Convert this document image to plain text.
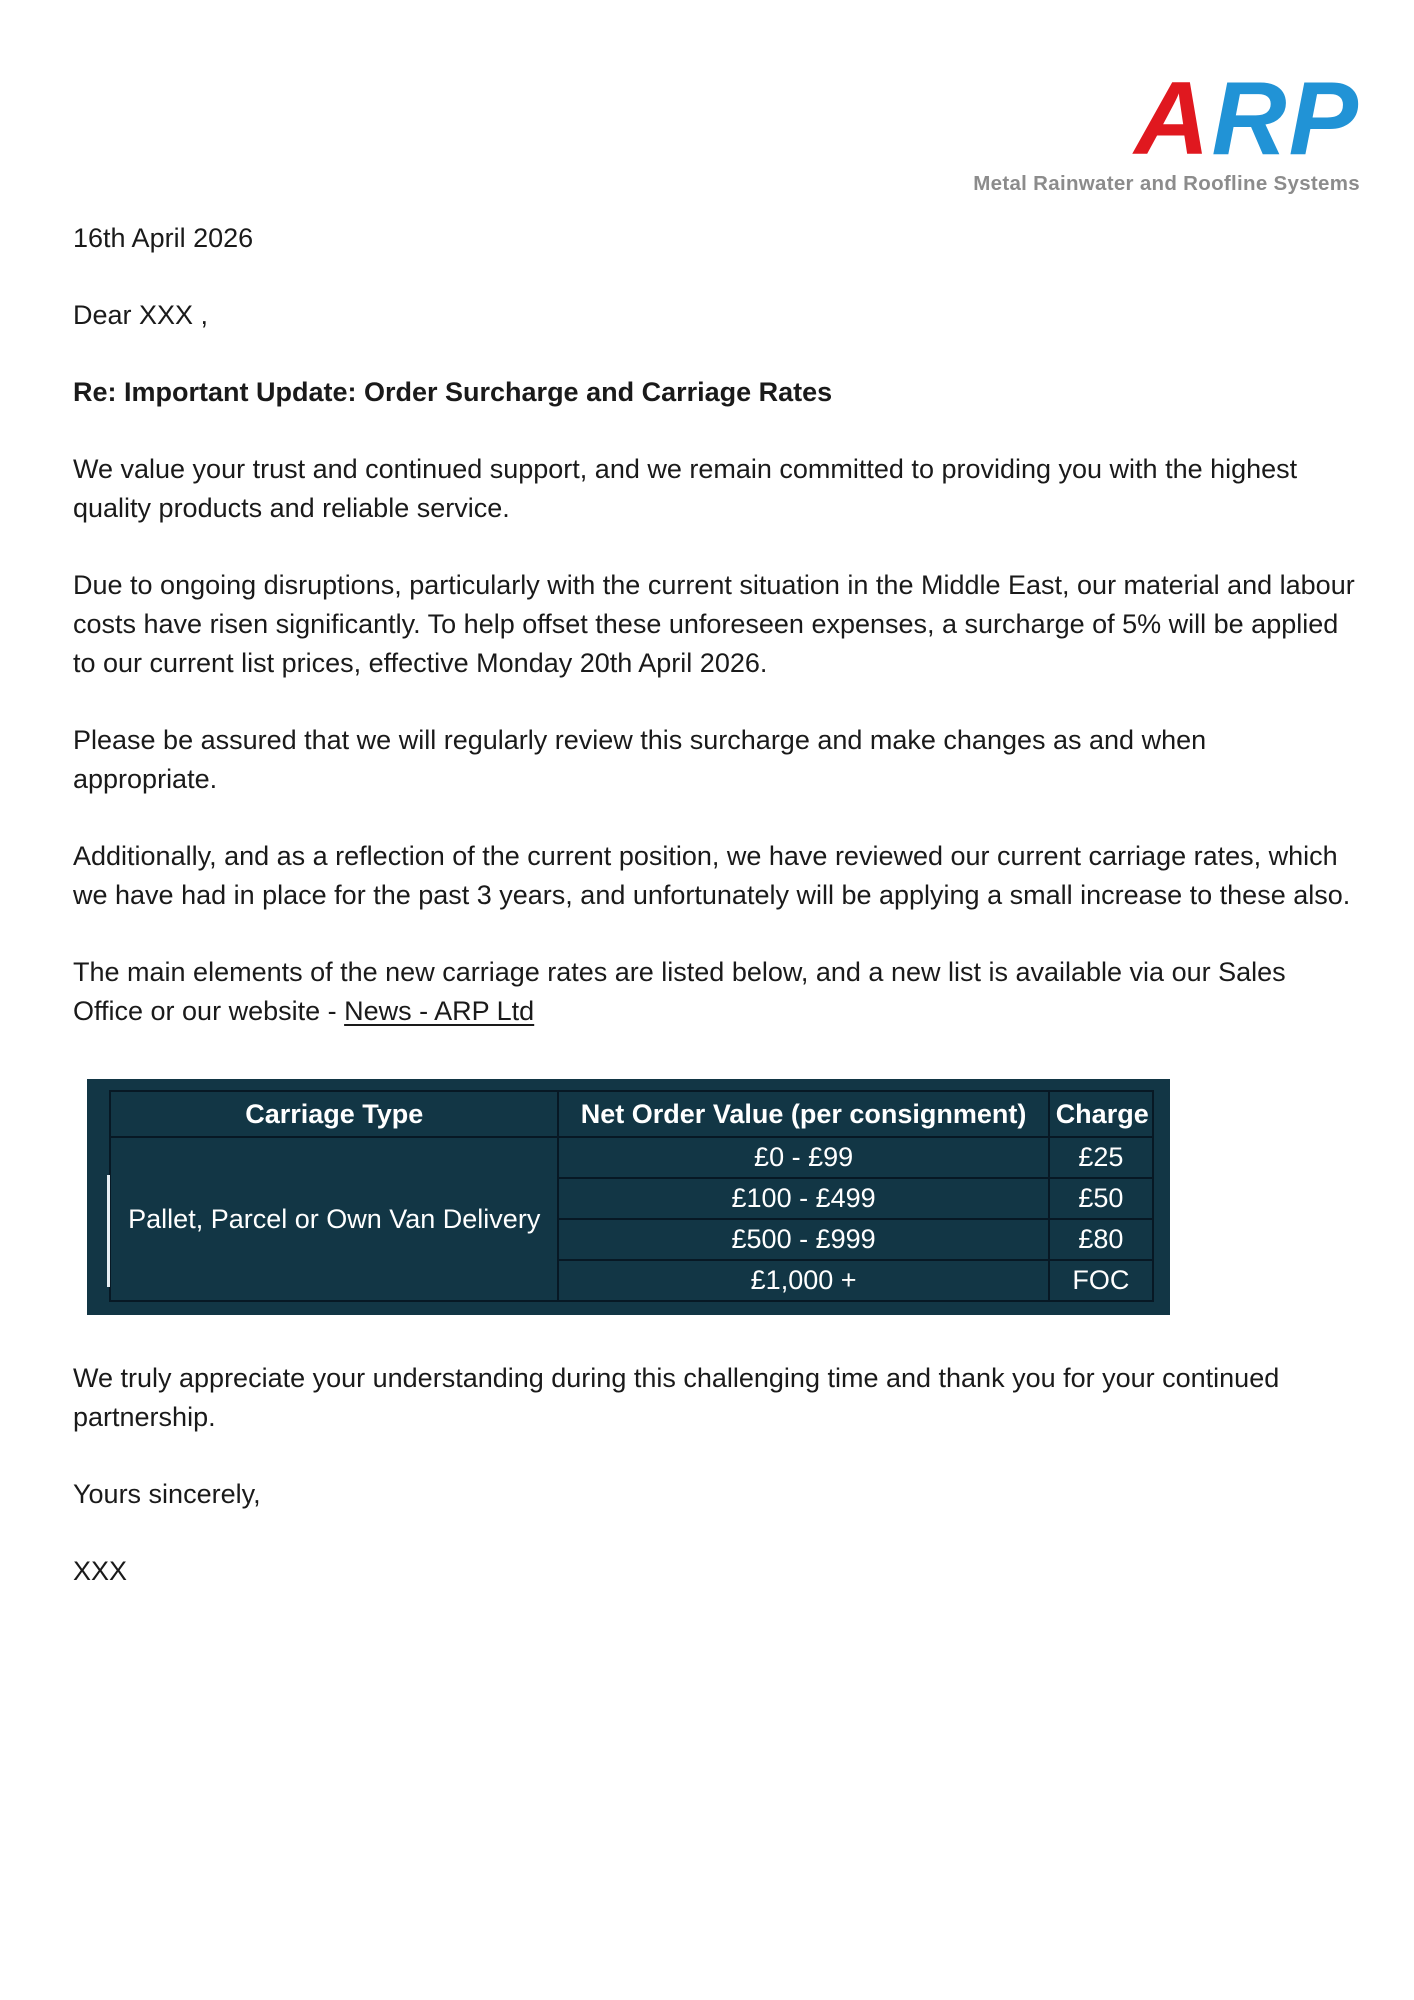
ARP
Metal Rainwater and Roofline Systems

16th April 2026

Dear XXX ,

Re: Important Update: Order Surcharge and Carriage Rates

We value your trust and continued support, and we remain committed to providing you with the highest quality products and reliable service.

Due to ongoing disruptions, particularly with the current situation in the Middle East, our material and labour costs have risen significantly. To help offset these unforeseen expenses, a surcharge of 5% will be applied to our current list prices, effective Monday 20th April 2026.

Please be assured that we will regularly review this surcharge and make changes as and when appropriate.

Additionally, and as a reflection of the current position, we have reviewed our current carriage rates, which we have had in place for the past 3 years, and unfortunately will be applying a small increase to these also.

The main elements of the new carriage rates are listed below, and a new list is available via our Sales Office or our website - News - ARP Ltd

Carriage Type	Net Order Value (per consignment)	Charge
Pallet, Parcel or Own Van Delivery	£0 - £99	£25
	£100 - £499	£50
	£500 - £999	£80
	£1,000 +	FOC

We truly appreciate your understanding during this challenging time and thank you for your continued partnership.

Yours sincerely,

XXX
